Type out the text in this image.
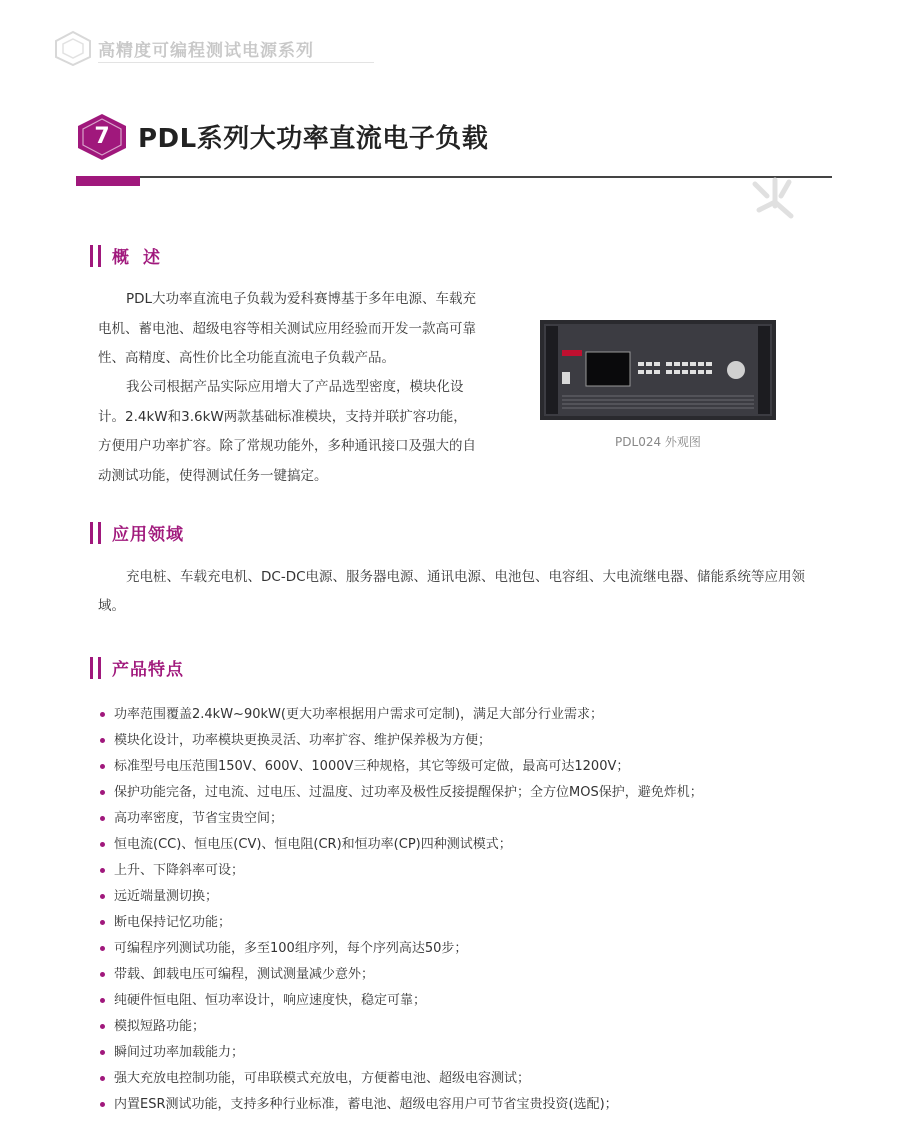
高精度可编程测试电源系列
7	PDL系列大功率直流电子负载
概述
PDL大功率直流电子负载为爱科赛博基于多年电源、车载充电机、蓄电池、超级电容等相关测试应用经验而开发一款高可靠性、高精度、高性价比全功能直流电子负载产品。
我公司根据产品实际应用增大了产品选型密度，模块化设计。2.4kW和3.6kW两款基础标准模块，支持并联扩容功能，方便用户功率扩容。除了常规功能外，多种通讯接口及强大的自动测试功能，使得测试任务一键搞定。
PDL024 外观图
应用领域
充电桩、车载充电机、DC-DC电源、服务器电源、通讯电源、电池包、电容组、大电流继电器、储能系统等应用领域。
产品特点
功率范围覆盖2.4kW~90kW(更大功率根据用户需求可定制)，满足大部分行业需求；
模块化设计，功率模块更换灵活、功率扩容、维护保养极为方便；
标准型号电压范围150V、600V、1000V三种规格，其它等级可定做，最高可达1200V；
保护功能完备，过电流、过电压、过温度、过功率及极性反接提醒保护；全方位MOS保护，避免炸机；
高功率密度，节省宝贵空间；
恒电流(CC)、恒电压(CV)、恒电阻(CR)和恒功率(CP)四种测试模式；
上升、下降斜率可设；
远近端量测切换；
断电保持记忆功能；
可编程序列测试功能，多至100组序列，每个序列高达50步；
带载、卸载电压可编程，测试测量减少意外；
纯硬件恒电阻、恒功率设计，响应速度快，稳定可靠；
模拟短路功能；
瞬间过功率加载能力；
强大充放电控制功能，可串联模式充放电，方便蓄电池、超级电容测试；
内置ESR测试功能，支持多种行业标准，蓄电池、超级电容用户可节省宝贵投资(选配)；
